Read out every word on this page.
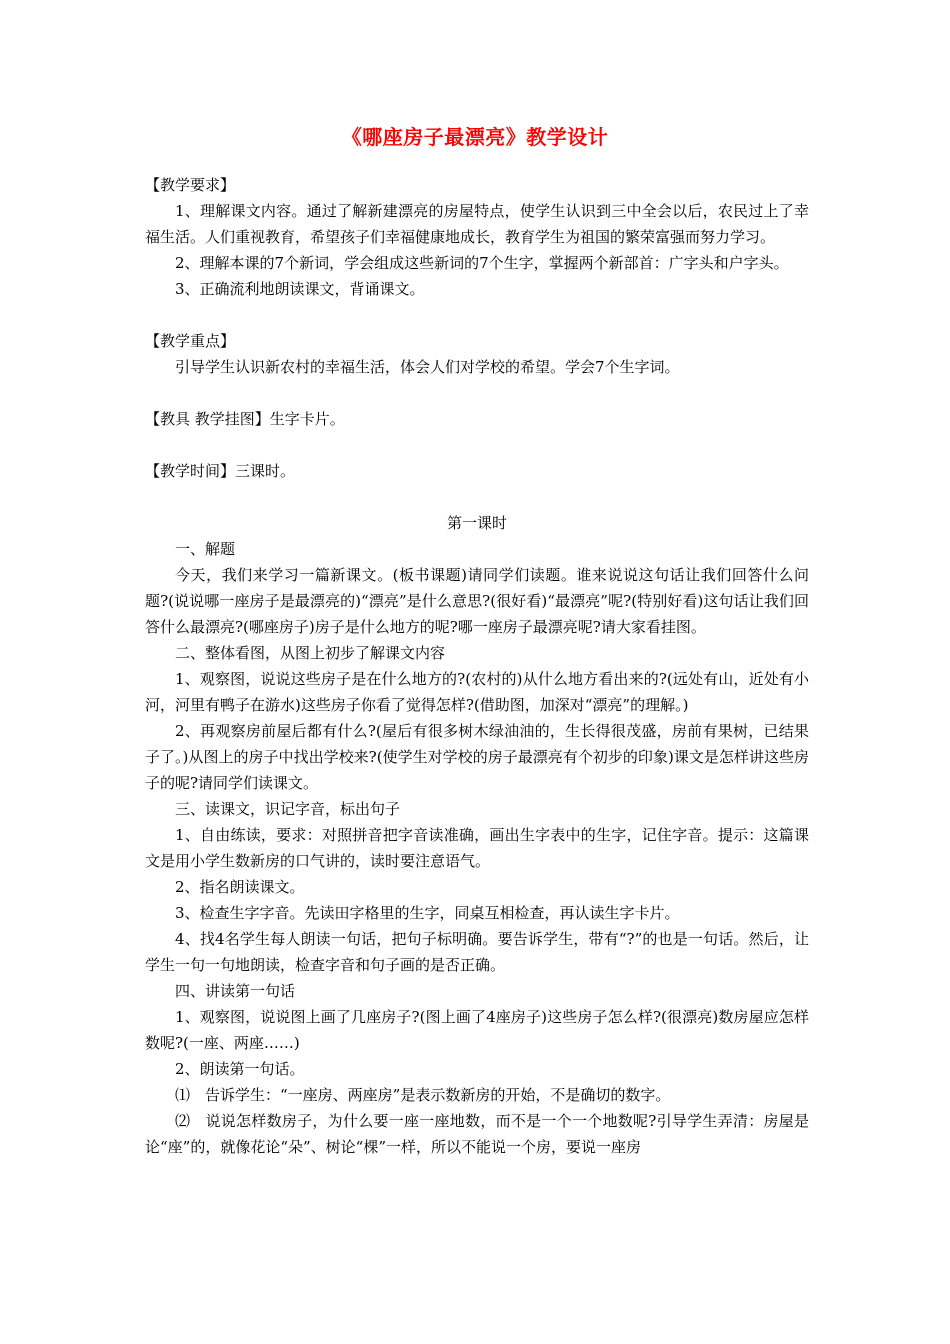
《哪座房子最漂亮》教学设计

【教学要求】

1、理解课文内容。通过了解新建漂亮的房屋特点，使学生认识到三中全会以后，农民过上了幸福生活。人们重视教育，希望孩子们幸福健康地成长，教育学生为祖国的繁荣富强而努力学习。

2、理解本课的7个新词，学会组成这些新词的7个生字，掌握两个新部首：广字头和户字头。

3、正确流利地朗读课文，背诵课文。

【教学重点】

引导学生认识新农村的幸福生活，体会人们对学校的希望。学会7个生字词。

【教具 教学挂图】生字卡片。

【教学时间】三课时。

第一课时

一、解题

今天，我们来学习一篇新课文。(板书课题)请同学们读题。谁来说说这句话让我们回答什么问题?(说说哪一座房子是最漂亮的)“漂亮”是什么意思?(很好看)“最漂亮”呢?(特别好看)这句话让我们回答什么最漂亮?(哪座房子)房子是什么地方的呢?哪一座房子最漂亮呢?请大家看挂图。

二、整体看图，从图上初步了解课文内容

1、观察图，说说这些房子是在什么地方的?(农村的)从什么地方看出来的?(远处有山，近处有小河，河里有鸭子在游水)这些房子你看了觉得怎样?(借助图，加深对“漂亮”的理解。)

2、再观察房前屋后都有什么?(屋后有很多树木绿油油的，生长得很茂盛，房前有果树，已结果子了。)从图上的房子中找出学校来?(使学生对学校的房子最漂亮有个初步的印象)课文是怎样讲这些房子的呢?请同学们读课文。

三、读课文，识记字音，标出句子

1、自由练读，要求：对照拼音把字音读准确，画出生字表中的生字，记住字音。提示：这篇课文是用小学生数新房的口气讲的，读时要注意语气。

2、指名朗读课文。

3、检查生字字音。先读田字格里的生字，同桌互相检查，再认读生字卡片。

4、找4名学生每人朗读一句话，把句子标明确。要告诉学生，带有“?”的也是一句话。然后，让学生一句一句地朗读，检查字音和句子画的是否正确。

四、讲读第一句话

1、观察图，说说图上画了几座房子?(图上画了4座房子)这些房子怎么样?(很漂亮)数房屋应怎样数呢?(一座、两座……)

2、朗读第一句话。

⑴　告诉学生：“一座房、两座房”是表示数新房的开始，不是确切的数字。

⑵　说说怎样数房子，为什么要一座一座地数，而不是一个一个地数呢?引导学生弄清：房屋是论“座”的，就像花论“朵”、树论“棵”一样，所以不能说一个房，要说一座房
